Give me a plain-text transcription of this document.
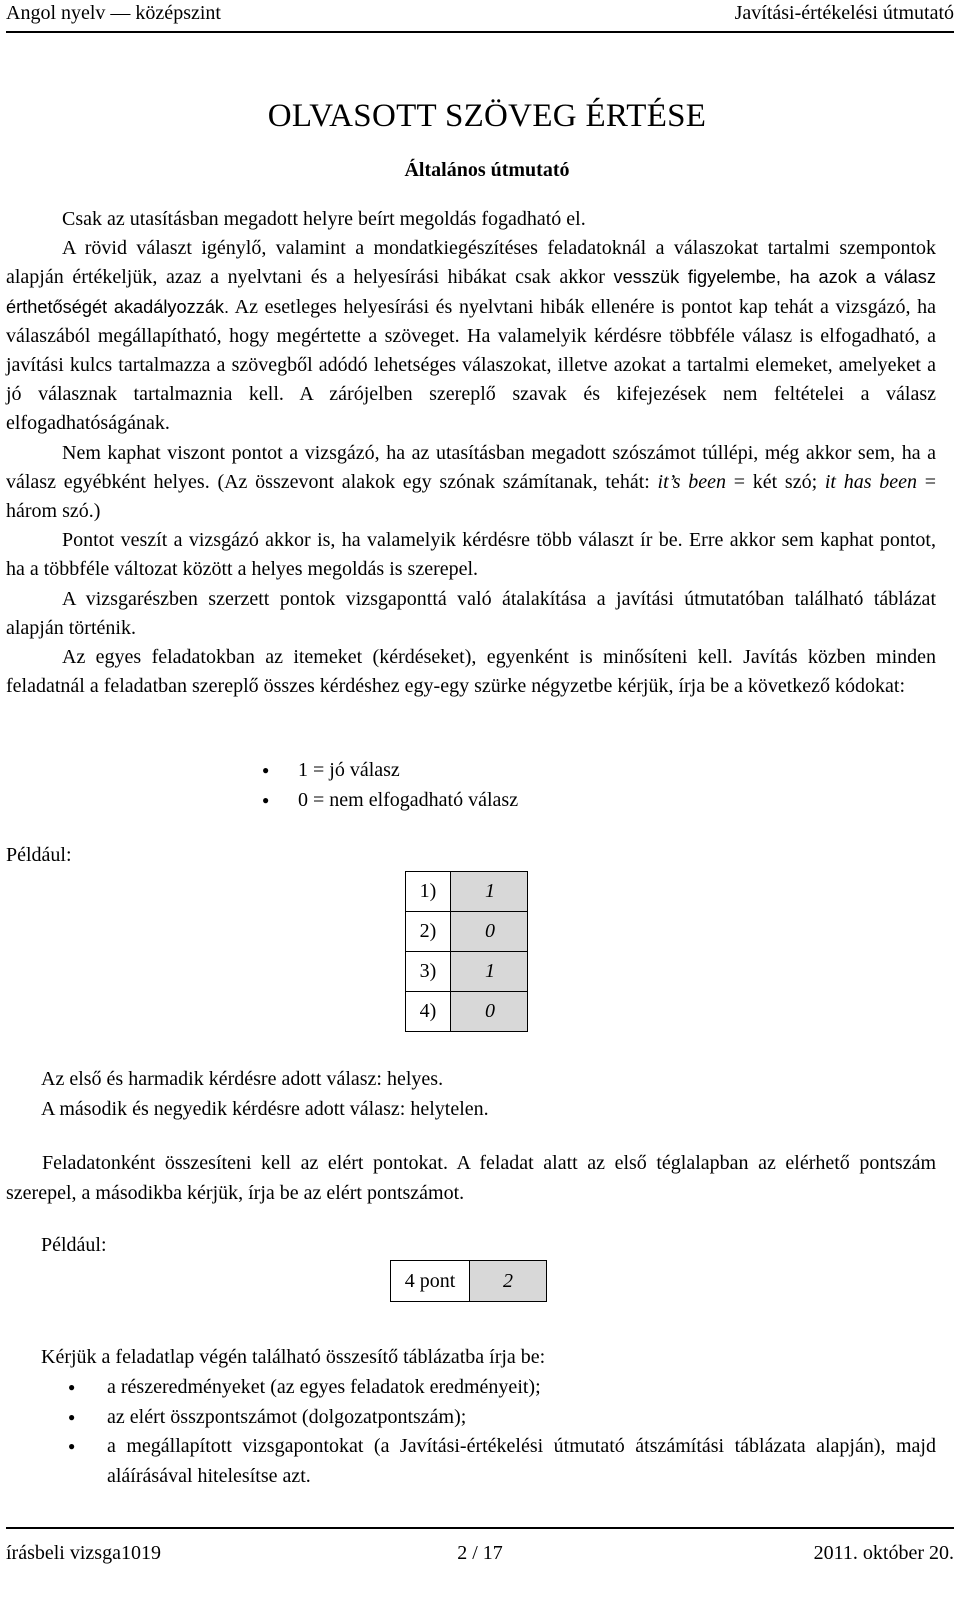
Angol nyelv — középszint	Javítási-értékelési útmutató
OLVASOTT SZÖVEG ÉRTÉSE
Általános útmutató

Csak az utasításban megadott helyre beírt megoldás fogadható el.

A rövid választ igénylő, valamint a mondatkiegészítéses feladatoknál a válaszokat tartalmi szempontok alapján értékeljük, azaz a nyelvtani és a helyesírási hibákat csak akkor vesszük figyelembe, ha azok a válasz érthetőségét akadályozzák. Az esetleges helyesírási és nyelvtani hibák ellenére is pontot kap tehát a vizsgázó, ha válaszából megállapítható, hogy megértette a szöveget. Ha valamelyik kérdésre többféle válasz is elfogadható, a javítási kulcs tartalmazza a szövegből adódó lehetséges válaszokat, illetve azokat a tartalmi elemeket, amelyeket a jó válasznak tartalmaznia kell. A zárójelben szereplő szavak és kifejezések nem feltételei a válasz elfogadhatóságának.

Nem kaphat viszont pontot a vizsgázó, ha az utasításban megadott szószámot túllépi, még akkor sem, ha a válasz egyébként helyes. (Az összevont alakok egy szónak számítanak, tehát: it’s been = két szó; it has been = három szó.)

Pontot veszít a vizsgázó akkor is, ha valamelyik kérdésre több választ ír be. Erre akkor sem kaphat pontot, ha a többféle változat között a helyes megoldás is szerepel.

A vizsgarészben szerzett pontok vizsgaponttá való átalakítása a javítási útmutatóban található táblázat alapján történik.

Az egyes feladatokban az itemeket (kérdéseket), egyenként is minősíteni kell. Javítás közben minden feladatnál a feladatban szereplő összes kérdéshez egy-egy szürke négyzetbe kérjük, írja be a következő kódokat:

● 1 = jó válasz
● 0 = nem elfogadható válasz
Például:
1)	1
2)	0
3)	1
4)	0
Az első és harmadik kérdésre adott válasz: helyes.
A második és negyedik kérdésre adott válasz: helytelen.

Feladatonként összesíteni kell az elért pontokat. A feladat alatt az első téglalapban az elérhető pontszám szerepel, a másodikba kérjük, írja be az elért pontszámot.

Például:
4 pont	2
Kérjük a feladatlap végén található összesítő táblázatba írja be:
● a részeredményeket (az egyes feladatok eredményeit);
● az elért összpontszámot (dolgozatpontszám);
● a megállapított vizsgapontokat (a Javítási-értékelési útmutató átszámítási táblázata alapján), majd aláírásával hitelesítse azt.
írásbeli vizsga1019	2 / 17	2011. október 20.
